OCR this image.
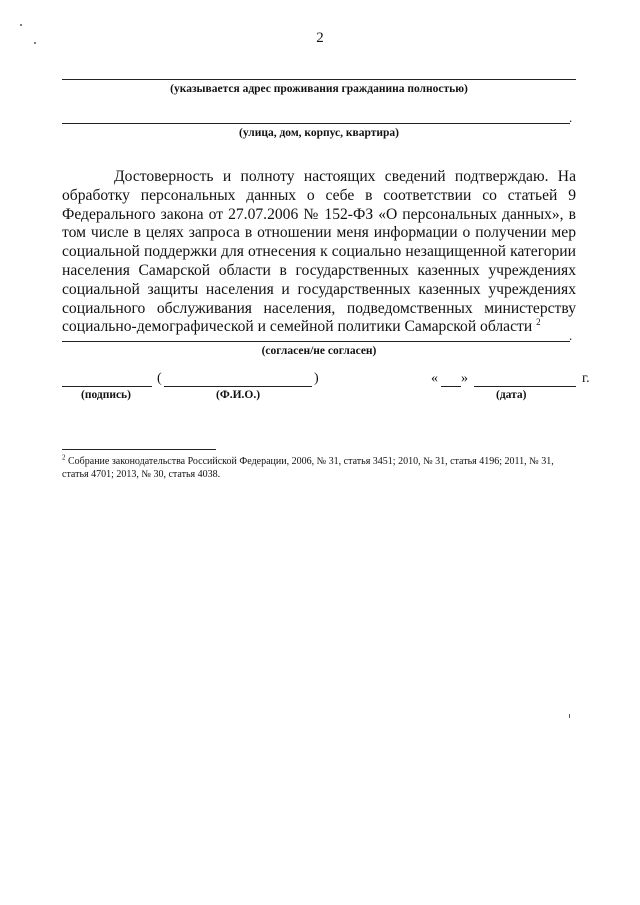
2
(указывается адрес проживания гражданина полностью)
.
(улица, дом, корпус, квартира)
Достоверность и полноту настоящих сведений подтверждаю. На обработку персональных данных о себе в соответствии со статьей 9 Федерального закона от 27.07.2006 № 152-ФЗ «О персональных данных», в том числе в целях запроса в отношении меня информации о получении мер социальной поддержки для отнесения к социально незащищенной категории населения Самарской области в государственных казенных учреждениях социальной защиты населения и государственных казенных учреждениях социального обслуживания населения, подведомственных министерству социально-демографической и семейной политики Самарской области $^2$
.
(согласен/не согласен)
(	)	« »	г.
(подпись)	(Ф.И.О.)	(дата)
$^2$ Собрание законодательства Российской Федерации, 2006, № 31, статья 3451; 2010, № 31, статья 4196; 2011, № 31, статья 4701; 2013, № 30, статья 4038.
